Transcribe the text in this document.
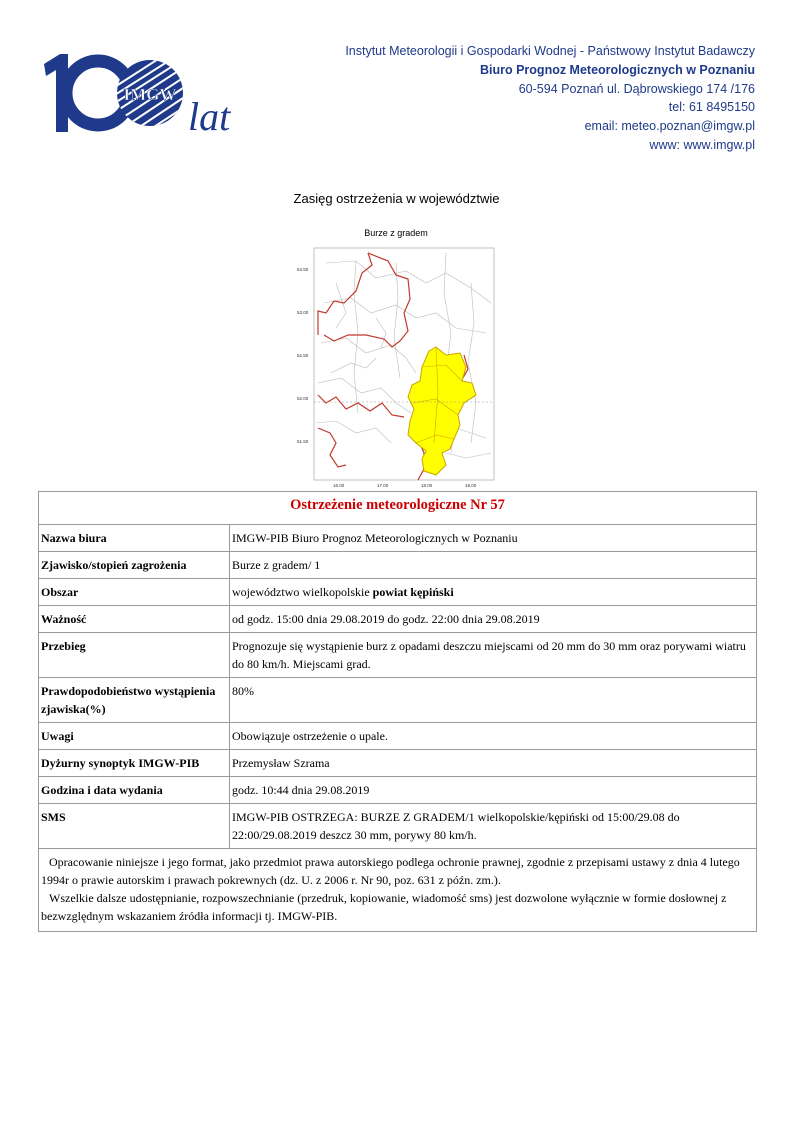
IMGW lat
Instytut Meteorologii i Gospodarki Wodnej - Państwowy Instytut Badawczy
Biuro Prognoz Meteorologicznych w Poznaniu
60-594 Poznań ul. Dąbrowskiego 174 /176
tel: 61 8495150
email: meteo.poznan@imgw.pl
www: www.imgw.pl
Zasięg ostrzeżenia w województwie
Burze z gradem
53.50
53.00
52.50
52.00
51.50
16.00	17.00	18.00	19.00
Ostrzeżenie meteorologiczne Nr 57	
Nazwa biura	IMGW-PIB Biuro Prognoz Meteorologicznych w Poznaniu
Zjawisko/stopień zagrożenia	Burze z gradem/ 1
Obszar	województwo wielkopolskie powiat kępiński
Ważność	od godz. 15:00 dnia 29.08.2019 do godz. 22:00 dnia 29.08.2019
Przebieg	Prognozuje się wystąpienie burz z opadami deszczu miejscami od 20 mm do 30 mm oraz porywami wiatru do 80 km/h. Miejscami grad.
Prawdopodobieństwo wystąpienia zjawiska(%)	80%
Uwagi	Obowiązuje ostrzeżenie o upale.
Dyżurny synoptyk IMGW-PIB	Przemysław Szrama
Godzina i data wydania	godz. 10:44 dnia 29.08.2019
SMS	IMGW-PIB OSTRZEGA: BURZE Z GRADEM/1 wielkopolskie/kępiński od 15:00/29.08 do 22:00/29.08.2019 deszcz 30 mm, porywy 80 km/h.

Opracowanie niniejsze i jego format, jako przedmiot prawa autorskiego podlega ochronie prawnej, zgodnie z przepisami ustawy z dnia 4 lutego 1994r o prawie autorskim i prawach pokrewnych (dz. U. z 2006 r. Nr 90, poz. 631 z późn. zm.).

Wszelkie dalsze udostępnianie, rozpowszechnianie (przedruk, kopiowanie, wiadomość sms) jest dozwolone wyłącznie w formie dosłownej z bezwzględnym wskazaniem źródła informacji tj. IMGW-PIB.	
